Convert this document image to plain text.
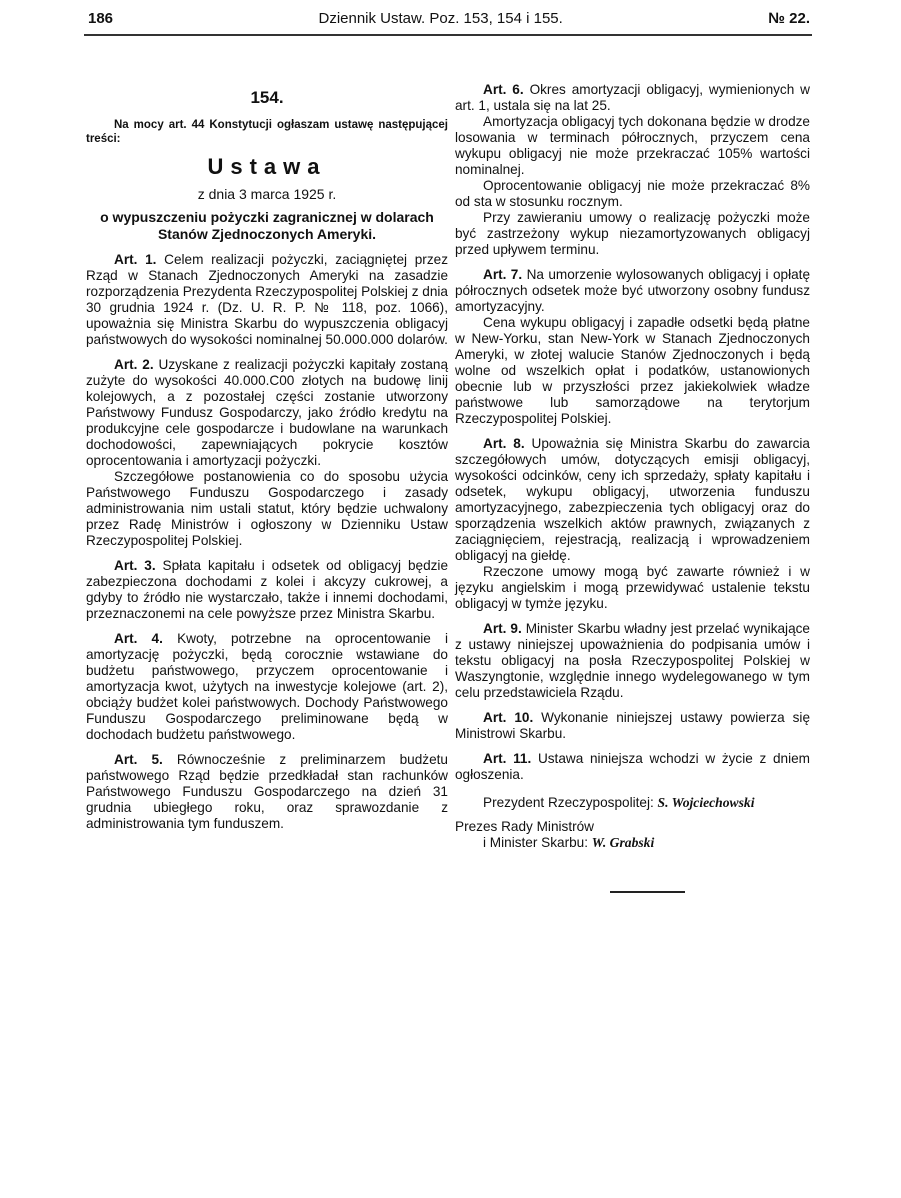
186	Dziennik Ustaw. Poz. 153, 154 i 155.	№ 22.

154.

Na mocy art. 44 Konstytucji ogłaszam ustawę następującej treści:

Ustawa

z dnia 3 marca 1925 r.

o wypuszczeniu pożyczki zagranicznej w dolarach Stanów Zjednoczonych Ameryki.

Art. 1. Celem realizacji pożyczki, zaciągniętej przez Rząd w Stanach Zjednoczonych Ameryki na zasadzie rozporządzenia Prezydenta Rzeczypospolitej Polskiej z dnia 30 grudnia 1924 r. (Dz. U. R. P. № 118, poz. 1066), upoważnia się Ministra Skarbu do wypuszczenia obligacyj państwowych do wysokości nominalnej 50.000.000 dolarów.

Art. 2. Uzyskane z realizacji pożyczki kapitały zostaną zużyte do wysokości 40.000.C00 złotych na budowę linij kolejowych, a z pozostałej części zostanie utworzony Państwowy Fundusz Gospodarczy, jako źródło kredytu na produkcyjne cele gospodarcze i budowlane na warunkach dochodowości, zapewniających pokrycie kosztów oprocentowania i amortyzacji pożyczki.

Szczegółowe postanowienia co do sposobu użycia Państwowego Funduszu Gospodarczego i zasady administrowania nim ustali statut, który będzie uchwalony przez Radę Ministrów i ogłoszony w Dzienniku Ustaw Rzeczypospolitej Polskiej.

Art. 3. Spłata kapitału i odsetek od obligacyj będzie zabezpieczona dochodami z kolei i akcyzy cukrowej, a gdyby to źródło nie wystarczało, także i innemi dochodami, przeznaczonemi na cele powyższe przez Ministra Skarbu.

Art. 4. Kwoty, potrzebne na oprocentowanie i amortyzację pożyczki, będą corocznie wstawiane do budżetu państwowego, przyczem oprocentowanie i amortyzacja kwot, użytych na inwestycje kolejowe (art. 2), obciąży budżet kolei państwowych. Dochody Państwowego Funduszu Gospodarczego preliminowane będą w dochodach budżetu państwowego.

Art. 5. Równocześnie z preliminarzem budżetu państwowego Rząd będzie przedkładał stan rachunków Państwowego Funduszu Gospodarczego na dzień 31 grudnia ubiegłego roku, oraz sprawozdanie z administrowania tym funduszem.

Art. 6. Okres amortyzacji obligacyj, wymienionych w art. 1, ustala się na lat 25.

Amortyzacja obligacyj tych dokonana będzie w drodze losowania w terminach półrocznych, przyczem cena wykupu obligacyj nie może przekraczać 105% wartości nominalnej.

Oprocentowanie obligacyj nie może przekraczać 8% od sta w stosunku rocznym.

Przy zawieraniu umowy o realizację pożyczki może być zastrzeżony wykup niezamortyzowanych obligacyj przed upływem terminu.

Art. 7. Na umorzenie wylosowanych obligacyj i opłatę półrocznych odsetek może być utworzony osobny fundusz amortyzacyjny.

Cena wykupu obligacyj i zapadłe odsetki będą płatne w New-Yorku, stan New-York w Stanach Zjednoczonych Ameryki, w złotej walucie Stanów Zjednoczonych i będą wolne od wszelkich opłat i podatków, ustanowionych obecnie lub w przyszłości przez jakiekolwiek władze państwowe lub samorządowe na terytorjum Rzeczypospolitej Polskiej.

Art. 8. Upoważnia się Ministra Skarbu do zawarcia szczegółowych umów, dotyczących emisji obligacyj, wysokości odcinków, ceny ich sprzedaży, spłaty kapitału i odsetek, wykupu obligacyj, utworzenia funduszu amortyzacyjnego, zabezpieczenia tych obligacyj oraz do sporządzenia wszelkich aktów prawnych, związanych z zaciągnięciem, rejestracją, realizacją i wprowadzeniem obligacyj na giełdę.

Rzeczone umowy mogą być zawarte również i w języku angielskim i mogą przewidywać ustalenie tekstu obligacyj w tymże języku.

Art. 9. Minister Skarbu władny jest przelać wynikające z ustawy niniejszej upoważnienia do podpisania umów i tekstu obligacyj na posła Rzeczypospolitej Polskiej w Waszyngtonie, względnie innego wydelegowanego w tym celu przedstawiciela Rządu.

Art. 10. Wykonanie niniejszej ustawy powierza się Ministrowi Skarbu.

Art. 11. Ustawa niniejsza wchodzi w życie z dniem ogłoszenia.

Prezydent Rzeczypospolitej: S. Wojciechowski

Prezes Rady Ministrów

i Minister Skarbu: W. Grabski
